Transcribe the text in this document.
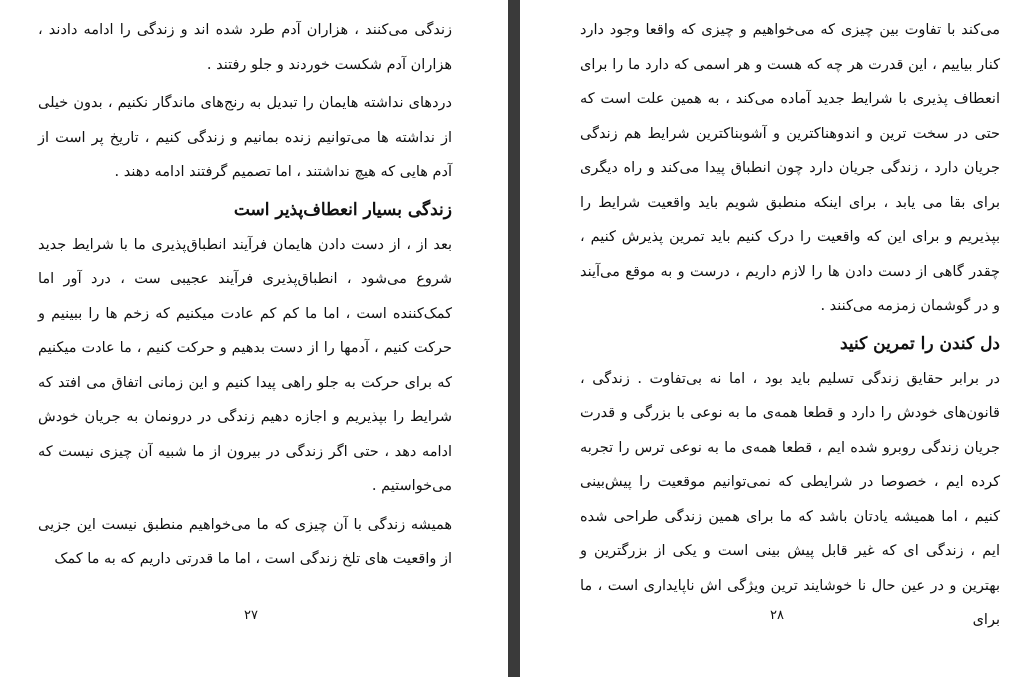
زندگی می‌کنند ، هزاران آدم طرد شده اند و زندگی را ادامه دادند ، هزاران آدم شکست خوردند و جلو رفتند .

دردهای نداشته هایمان را تبدیل به رنج‌های ماندگار نکنیم ، بدون خیلی از نداشته ها می‌توانیم زنده بمانیم و زندگی کنیم ، تاریخ پر است از آدم هایی که هیچ نداشتند ، اما تصمیم گرفتند ادامه دهند .

زندگی بسیار انعطاف‌پذیر است

بعد از ، از دست دادن هایمان فرآیند انطباق‌پذیری ما با شرایط جدید شروع می‌شود ، انطباق‌پذیری فرآیند عجیبی ست ، درد آور اما کمک‌کننده است ، اما ما کم کم عادت میکنیم که زخم ها را ببینیم و حرکت کنیم ، آدمها را از دست بدهیم و حرکت کنیم ، ما عادت میکنیم که برای حرکت به جلو راهی پیدا کنیم و این زمانی اتفاق می افتد که شرایط را بپذیریم و اجازه دهیم زندگی در درونمان به جریان خودش ادامه دهد ، حتی اگر زندگی در بیرون از ما شبیه آن چیزی نیست که می‌خواستیم .

همیشه زندگی با آن چیزی که ما می‌خواهیم منطبق نیست این جزیی از واقعیت های تلخ زندگی است ، اما ما قدرتی داریم که به ما کمک

۲۷

می‌کند با تفاوت بین چیزی که می‌خواهیم و چیزی که واقعا وجود دارد کنار بیاییم ، این قدرت هر چه که هست و هر اسمی که دارد ما را برای انعطاف پذیری با شرایط جدید آماده می‌کند ، به همین علت است که حتی در سخت ترین و اندوهناکترین و آشوبناکترین شرایط هم زندگی جریان دارد ، زندگی جریان دارد چون انطباق پیدا می‌کند و راه دیگری برای بقا می یابد ، برای اینکه منطبق شویم باید واقعیت شرایط را بپذیریم و برای این که واقعیت را درک کنیم باید تمرین پذیرش کنیم ، چقدر گاهی از دست دادن ها را لازم داریم ، درست و به موقع می‌آیند و در گوشمان زمزمه می‌کنند .

دل کندن را تمرین کنید

در برابر حقایق زندگی تسلیم باید بود ، اما نه بی‌تفاوت . زندگی ، قانون‌های خودش را دارد و قطعا همه‌ی ما به نوعی با بزرگی و قدرت جریان زندگی روبرو شده ایم ، قطعا همه‌ی ما به نوعی ترس را تجربه کرده ایم ، خصوصا در شرایطی که نمی‌توانیم موقعیت را پیش‌بینی کنیم ، اما همیشه یادتان باشد که ما برای همین زندگی طراحی شده ایم ، زندگی ای که غیر قابل پیش بینی است و یکی از بزرگترین و بهترین و در عین حال نا خوشایند ترین ویژگی اش ناپایداری است ، ما برای

۲۸
